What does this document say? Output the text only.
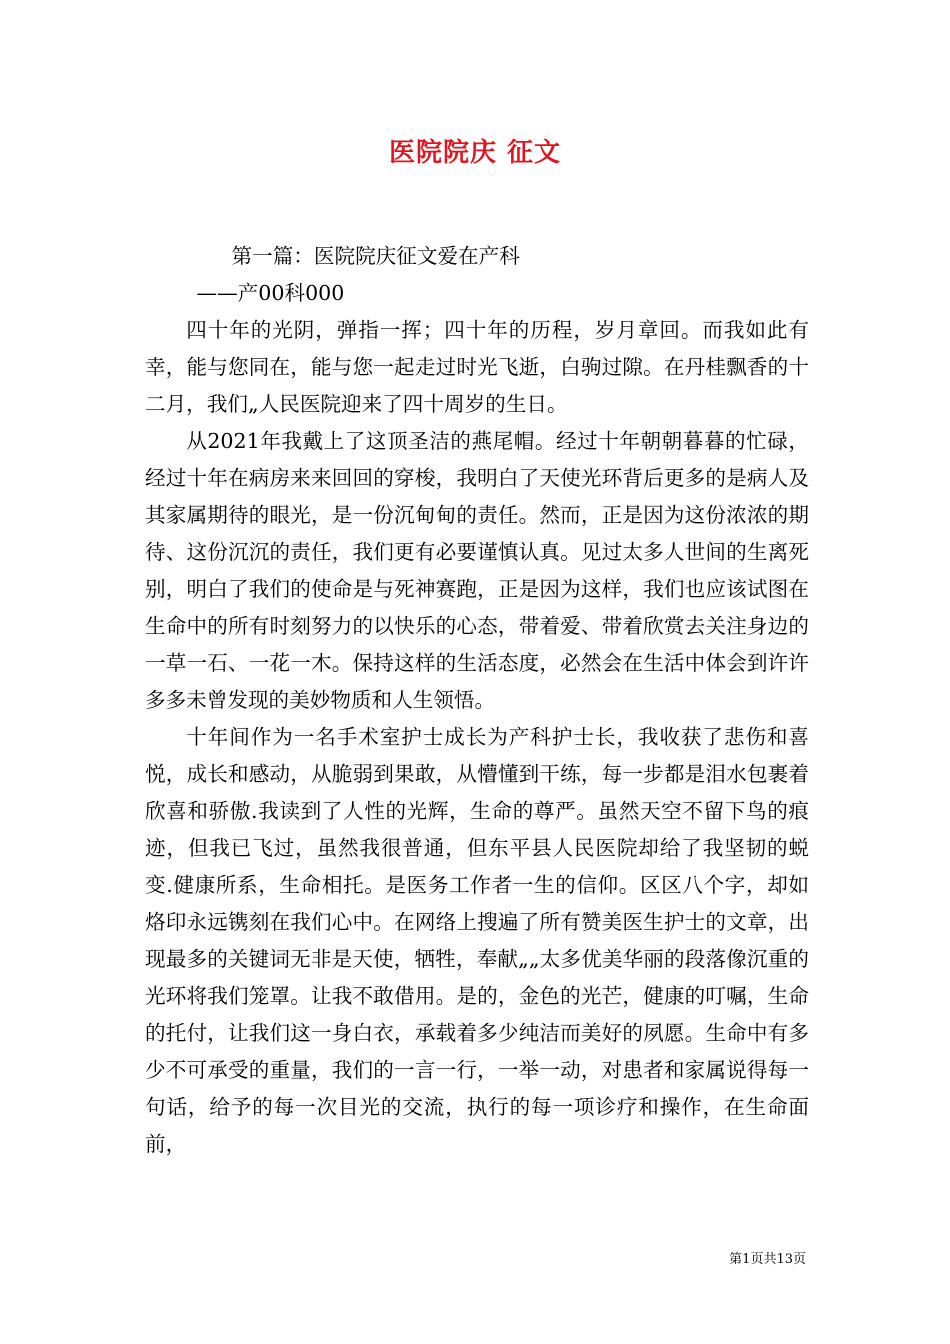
医院院庆 征文

第一篇：医院院庆征文爱在产科

——产00科000

四十年的光阴，弹指一挥；四十年的历程，岁月章回。而我如此有幸，能与您同在，能与您一起走过时光飞逝，白驹过隙。在丹桂飘香的十二月，我们„人民医院迎来了四十周岁的生日。

从2021年我戴上了这顶圣洁的燕尾帽。经过十年朝朝暮暮的忙碌，经过十年在病房来来回回的穿梭，我明白了天使光环背后更多的是病人及其家属期待的眼光，是一份沉甸甸的责任。然而，正是因为这份浓浓的期待、这份沉沉的责任，我们更有必要谨慎认真。见过太多人世间的生离死别，明白了我们的使命是与死神赛跑，正是因为这样，我们也应该试图在生命中的所有时刻努力的以快乐的心态，带着爱、带着欣赏去关注身边的一草一石、一花一木。保持这样的生活态度，必然会在生活中体会到许许多多未曾发现的美妙物质和人生领悟。

十年间作为一名手术室护士成长为产科护士长，我收获了悲伤和喜悦，成长和感动，从脆弱到果敢，从懵懂到干练，每一步都是泪水包裹着欣喜和骄傲.我读到了人性的光辉，生命的尊严。虽然天空不留下鸟的痕迹，但我已飞过，虽然我很普通，但东平县人民医院却给了我坚韧的蜕变.健康所系，生命相托。是医务工作者一生的信仰。区区八个字，却如烙印永远镌刻在我们心中。在网络上搜遍了所有赞美医生护士的文章，出现最多的关键词无非是天使，牺牲，奉献„„太多优美华丽的段落像沉重的光环将我们笼罩。让我不敢借用。是的，金色的光芒，健康的叮嘱，生命的托付，让我们这一身白衣，承载着多少纯洁而美好的夙愿。生命中有多少不可承受的重量，我们的一言一行，一举一动，对患者和家属说得每一句话，给予的每一次目光的交流，执行的每一项诊疗和操作，在生命面前，

第1页共13页
